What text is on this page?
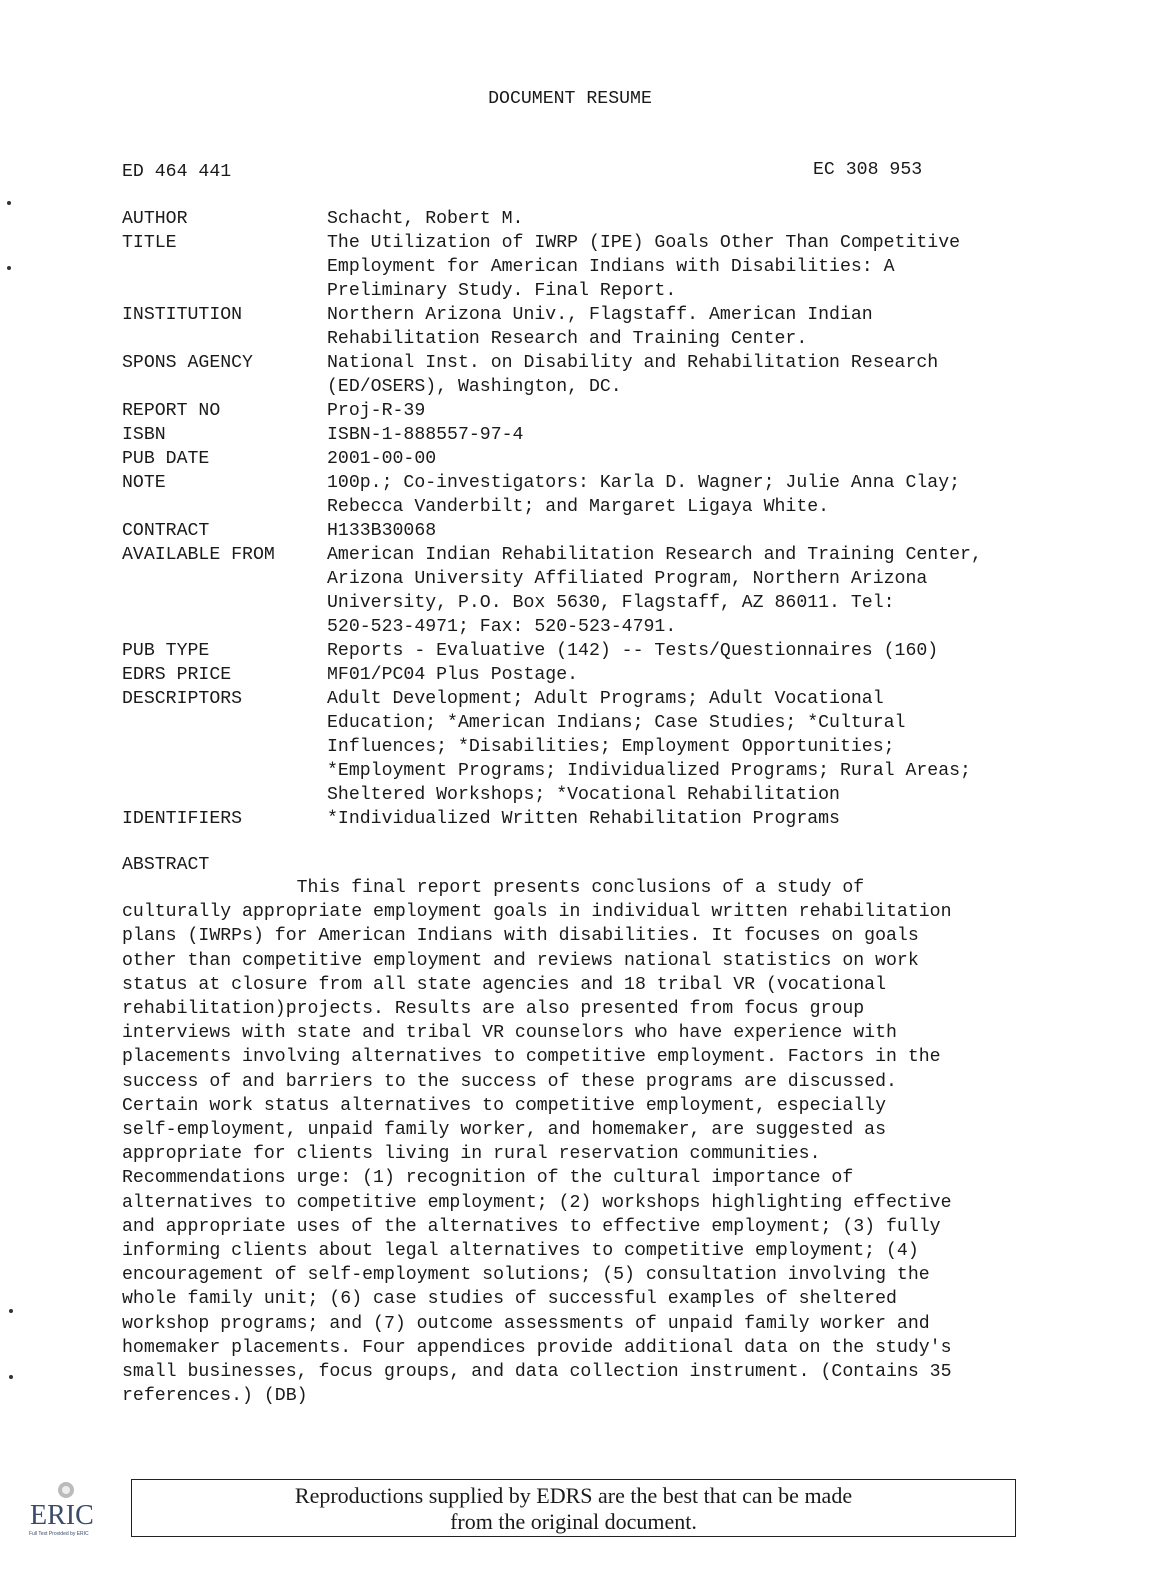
DOCUMENT RESUME
ED 464 441	EC 308 953
AUTHOR	Schacht, Robert M.
TITLE	The Utilization of IWRP (IPE) Goals Other Than Competitive
Employment for American Indians with Disabilities: A
Preliminary Study. Final Report.
INSTITUTION	Northern Arizona Univ., Flagstaff. American Indian
Rehabilitation Research and Training Center.
SPONS AGENCY	National Inst. on Disability and Rehabilitation Research
(ED/OSERS), Washington, DC.
REPORT NO	Proj-R-39
ISBN	ISBN-1-888557-97-4
PUB DATE	2001-00-00
NOTE	100p.; Co-investigators: Karla D. Wagner; Julie Anna Clay;
Rebecca Vanderbilt; and Margaret Ligaya White.
CONTRACT	H133B30068
AVAILABLE FROM	American Indian Rehabilitation Research and Training Center,
Arizona University Affiliated Program, Northern Arizona
University, P.O. Box 5630, Flagstaff, AZ 86011. Tel:
520-523-4971; Fax: 520-523-4791.
PUB TYPE	Reports - Evaluative (142) -- Tests/Questionnaires (160)
EDRS PRICE	MF01/PC04 Plus Postage.
DESCRIPTORS	Adult Development; Adult Programs; Adult Vocational
Education; *American Indians; Case Studies; *Cultural
Influences; *Disabilities; Employment Opportunities;
*Employment Programs; Individualized Programs; Rural Areas;
Sheltered Workshops; *Vocational Rehabilitation
IDENTIFIERS	*Individualized Written Rehabilitation Programs
ABSTRACT
This final report presents conclusions of a study of
culturally appropriate employment goals in individual written rehabilitation
plans (IWRPs) for American Indians with disabilities. It focuses on goals
other than competitive employment and reviews national statistics on work
status at closure from all state agencies and 18 tribal VR (vocational
rehabilitation)projects. Results are also presented from focus group
interviews with state and tribal VR counselors who have experience with
placements involving alternatives to competitive employment. Factors in the
success of and barriers to the success of these programs are discussed.
Certain work status alternatives to competitive employment, especially
self-employment, unpaid family worker, and homemaker, are suggested as
appropriate for clients living in rural reservation communities.
Recommendations urge: (1) recognition of the cultural importance of
alternatives to competitive employment; (2) workshops highlighting effective
and appropriate uses of the alternatives to effective employment; (3) fully
informing clients about legal alternatives to competitive employment; (4)
encouragement of self-employment solutions; (5) consultation involving the
whole family unit; (6) case studies of successful examples of sheltered
workshop programs; and (7) outcome assessments of unpaid family worker and
homemaker placements. Four appendices provide additional data on the study's
small businesses, focus groups, and data collection instrument. (Contains 35
references.) (DB)
ERIC
Full Text Provided by ERIC
Reproductions supplied by EDRS are the best that can be made
from the original document.
